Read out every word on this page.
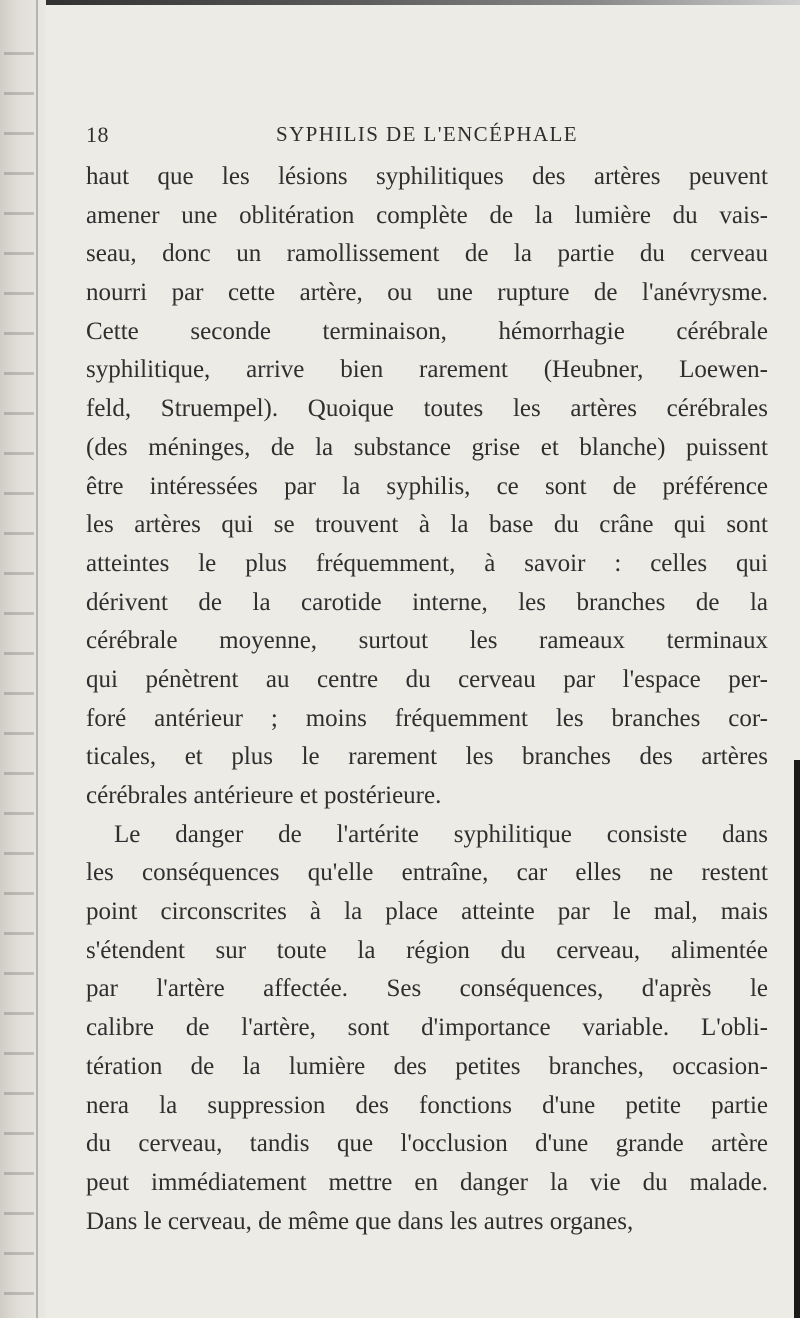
18	SYPHILIS DE L'ENCÉPHALE
haut que les lésions syphilitiques des artères peuvent
amener une oblitération complète de la lumière du vais-
seau, donc un ramollissement de la partie du cerveau
nourri par cette artère, ou une rupture de l'anévrysme.
Cette seconde terminaison, hémorrhagie cérébrale
syphilitique, arrive bien rarement (Heubner, Loewen-
feld, Struempel). Quoique toutes les artères cérébrales
(des méninges, de la substance grise et blanche) puissent
être intéressées par la syphilis, ce sont de préférence
les artères qui se trouvent à la base du crâne qui sont
atteintes le plus fréquemment, à savoir : celles qui
dérivent de la carotide interne, les branches de la
cérébrale moyenne, surtout les rameaux terminaux
qui pénètrent au centre du cerveau par l'espace per-
foré antérieur ; moins fréquemment les branches cor-
ticales, et plus le rarement les branches des artères
cérébrales antérieure et postérieure.
Le danger de l'artérite syphilitique consiste dans
les conséquences qu'elle entraîne, car elles ne restent
point circonscrites à la place atteinte par le mal, mais
s'étendent sur toute la région du cerveau, alimentée
par l'artère affectée. Ses conséquences, d'après le
calibre de l'artère, sont d'importance variable. L'obli-
tération de la lumière des petites branches, occasion-
nera la suppression des fonctions d'une petite partie
du cerveau, tandis que l'occlusion d'une grande artère
peut immédiatement mettre en danger la vie du malade.
Dans le cerveau, de même que dans les autres organes,
